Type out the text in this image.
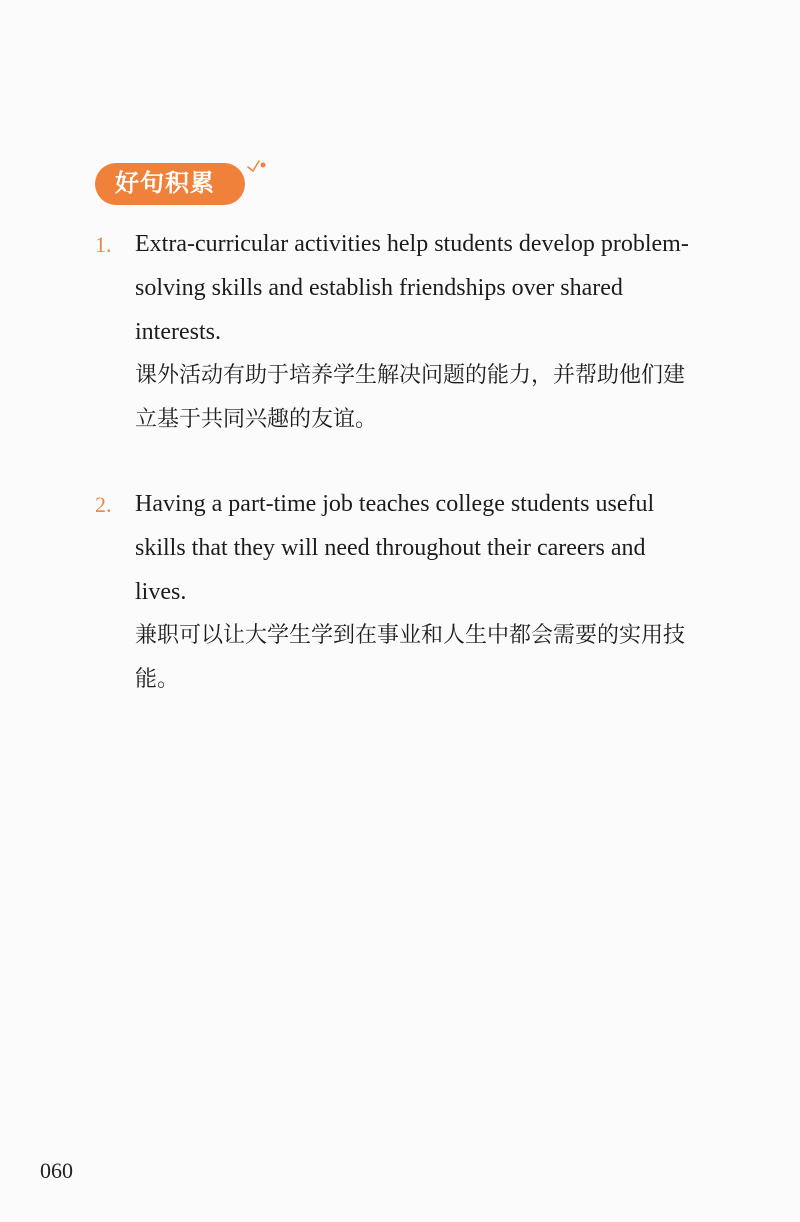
好句积累
1. Extra-curricular activities help students develop problem-solving skills and establish friendships over shared interests.
课外活动有助于培养学生解决问题的能力，并帮助他们建立基于共同兴趣的友谊。
2. Having a part-time job teaches college students useful skills that they will need throughout their careers and lives.
兼职可以让大学生学到在事业和人生中都会需要的实用技能。
060
